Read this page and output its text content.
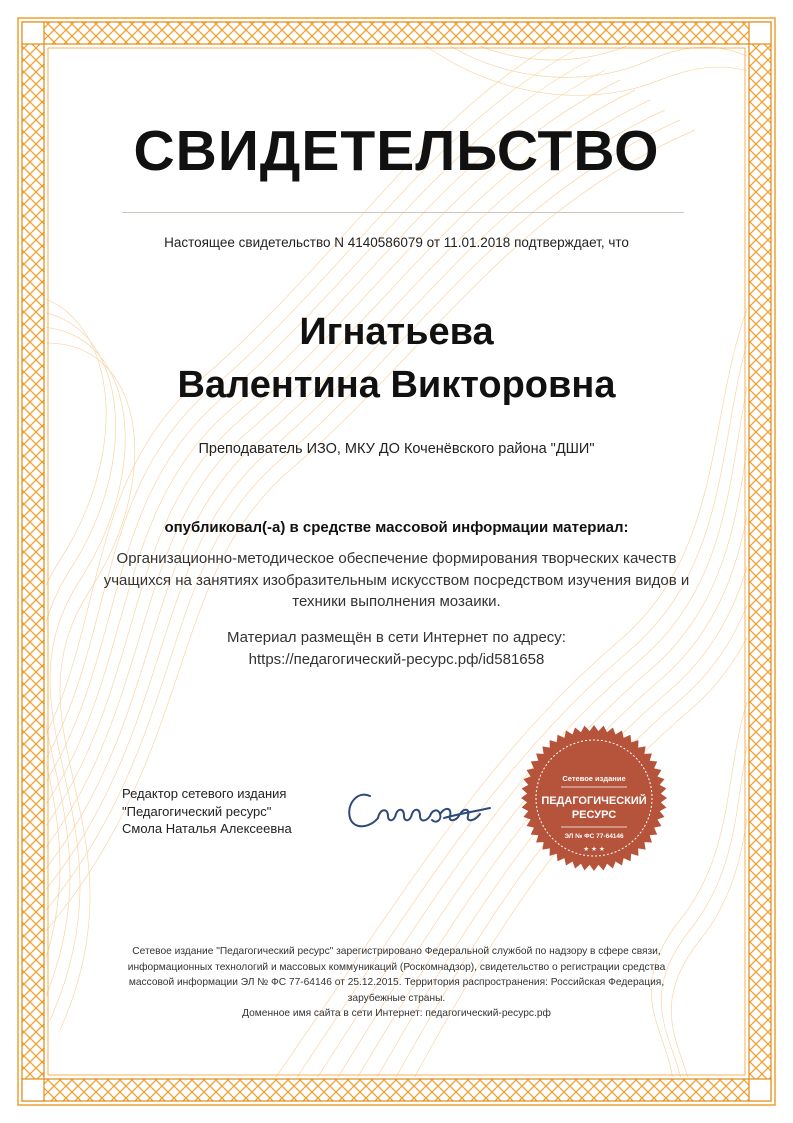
СВИДЕТЕЛЬСТВО
Настоящее свидетельство N 4140586079 от 11.01.2018 подтверждает, что
Игнатьева
Валентина Викторовна
Преподаватель ИЗО, МКУ ДО Коченёвского района "ДШИ"
опубликовал(-а) в средстве массовой информации материал:
Организационно-методическое обеспечение формирования творческих качеств учащихся на занятиях изобразительным искусством посредством изучения видов и техники выполнения мозаики.
Материал размещён в сети Интернет по адресу:
https://педагогический-ресурс.рф/id581658
Редактор сетевого издания
"Педагогический ресурс"
Смола Наталья Алексеевна
Сетевое издание
ПЕДАГОГИЧЕСКИЙ
РЕСУРС
ЭЛ № ФС 77-64146
★ ★ ★
Сетевое издание "Педагогический ресурс" зарегистрировано Федеральной службой по надзору в сфере связи, информационных технологий и массовых коммуникаций (Роскомнадзор), свидетельство о регистрации средства массовой информации ЭЛ № ФС 77-64146 от 25.12.2015. Территория распространения: Российская Федерация, зарубежные страны.
Доменное имя сайта в сети Интернет: педагогический-ресурс.рф
